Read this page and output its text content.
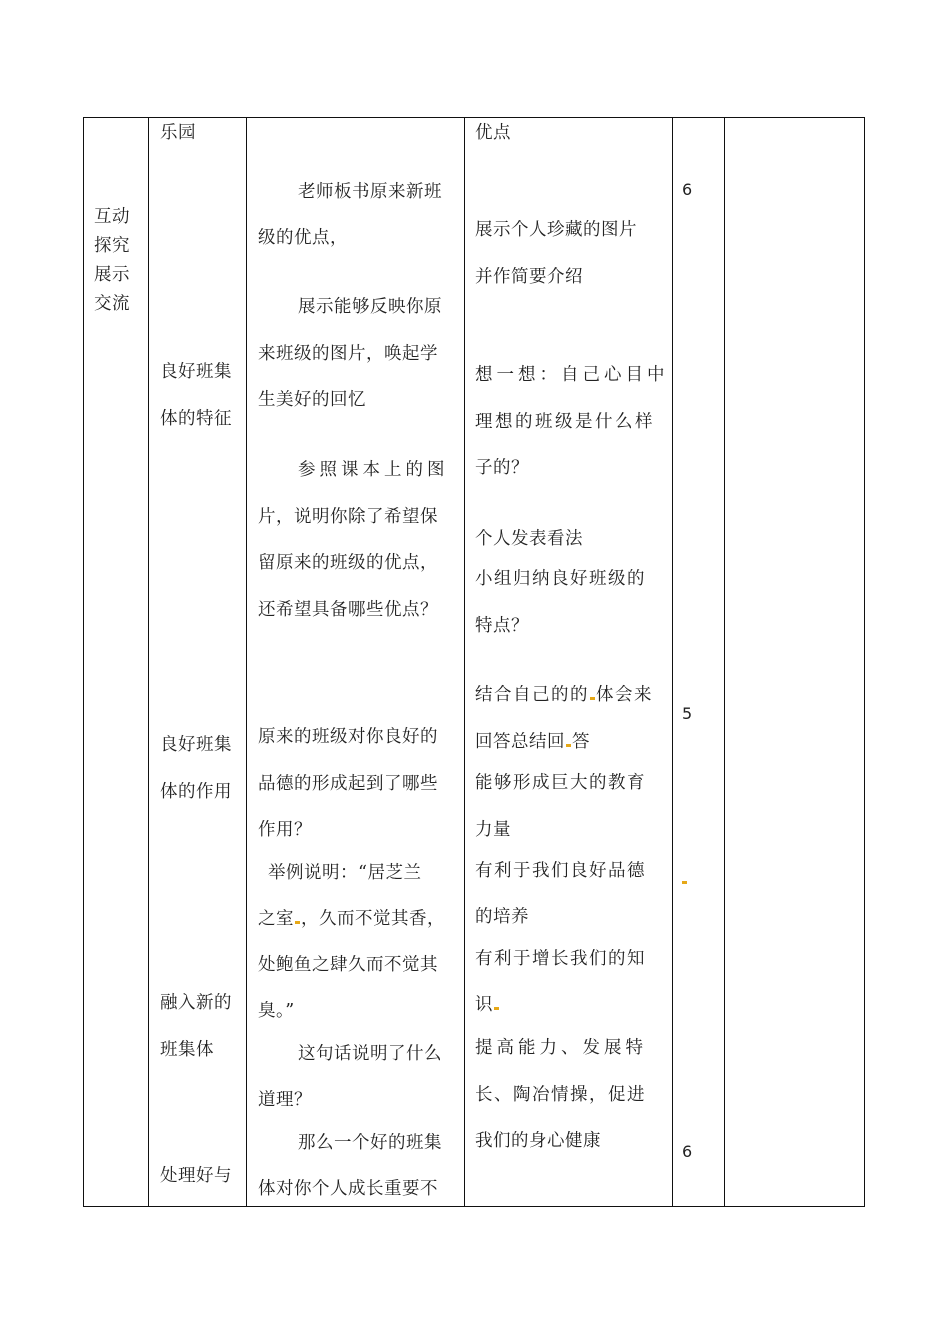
互动
探究
展示
交流
乐园
良好班集
体的特征
良好班集
体的作用
融入新的
班集体
处理好与
老师板书原来新班
级的优点，
展示能够反映你原
来班级的图片，唤起学
生美好的回忆
参照课本上的图
片，说明你除了希望保
留原来的班级的优点，
还希望具备哪些优点？
原来的班级对你良好的
品德的形成起到了哪些
作用？
举例说明：“居芝兰
之室 ，久而不觉其香，
处鲍鱼之肆久而不觉其
臭。”
这句话说明了什么
道理？
那么一个好的班集
体对你个人成长重要不
优点
展示个人珍藏的图片
并作简要介绍
想一想：自己心目中
理想的班级是什么样
子的？
个人发表看法
小组归纳良好班级的
特点？
结合自己的的 体会来
回答总结回 答
能够形成巨大的教育
力量
有利于我们良好品德
的培养
有利于增长我们的知
识
提高能力、发展特
长、陶冶情操，促进
我们的身心健康
6
5
6
